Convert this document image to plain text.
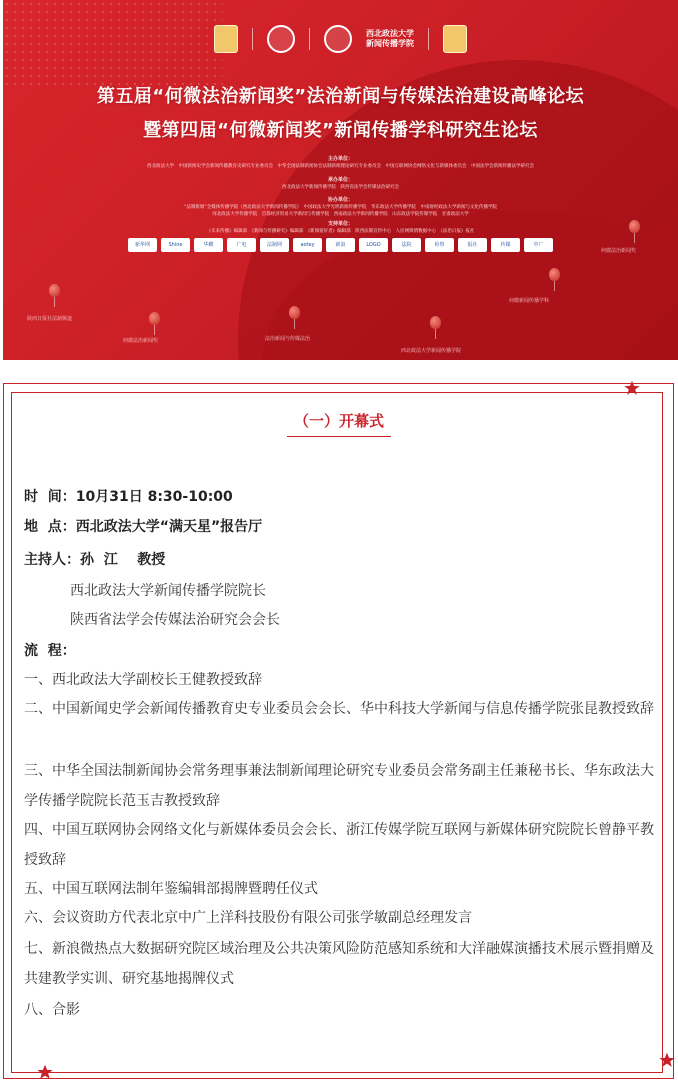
西北政法大学
新闻传播学院
第五届“何微法治新闻奖”法治新闻与传媒法治建设高峰论坛
暨第四届“何微新闻奖”新闻传播学科研究生论坛
主办单位：
西北政法大学　中国新闻史学会新闻传播教育史研究专业委员会　中华全国法制新闻协会法制新闻理论研究专业委员会　中国互联网协会网络文化与新媒体委员会　中国法学会新闻传播法学研究会
承办单位：
西北政法大学新闻传播学院　陕西省法学会传媒法治研究会
协办单位：
“法制新闻”全媒体传播学院（西北政法大学新闻传播学院）　中国政法大学光明新闻传播学院　华东政法大学传播学院　中南财经政法大学新闻与文化传播学院
河北政法大学传播学院　首都经济贸易大学新闻与传播学院　西南政法大学新闻传播学院　山东政法学院传媒学院　甘肃政法大学
支持单位：
《未来传播》编辑部　《新闻与传播研究》编辑部　《新闻爱好者》编辑部　陕西法制宣传中心　人民网舆情数据中心　《法治日报》报社
新华网	Shine	华麒	广电	法制网	aotey	新浪	LOGO	法院	检察	报社	传媒	中广
陕西日报社法制频道
何微法治新闻奖	法治新闻与传媒法治
西北政法大学新闻传播学院
何微新闻传播学科
何微法治新闻奖
（一）开幕式
时  间：10月31日 8:30-10:00
地  点：西北政法大学“满天星”报告厅
主持人：孙  江    教授
西北政法大学新闻传播学院院长
陕西省法学会传媒法治研究会会长
流  程：
一、西北政法大学副校长王健教授致辞
二、中国新闻史学会新闻传播教育史专业委员会会长、华中科技大学新闻与信息传播学院张昆教授致辞
三、中华全国法制新闻协会常务理事兼法制新闻理论研究专业委员会常务副主任兼秘书长、华东政法大学传播学院院长范玉吉教授致辞
四、中国互联网协会网络文化与新媒体委员会会长、浙江传媒学院互联网与新媒体研究院院长曾静平教授致辞
五、中国互联网法制年鉴编辑部揭牌暨聘任仪式
六、会议资助方代表北京中广上洋科技股份有限公司张学敏副总经理发言
七、新浪微热点大数据研究院区域治理及公共决策风险防范感知系统和大洋融媒演播技术展示暨捐赠及共建教学实训、研究基地揭牌仪式
八、合影
